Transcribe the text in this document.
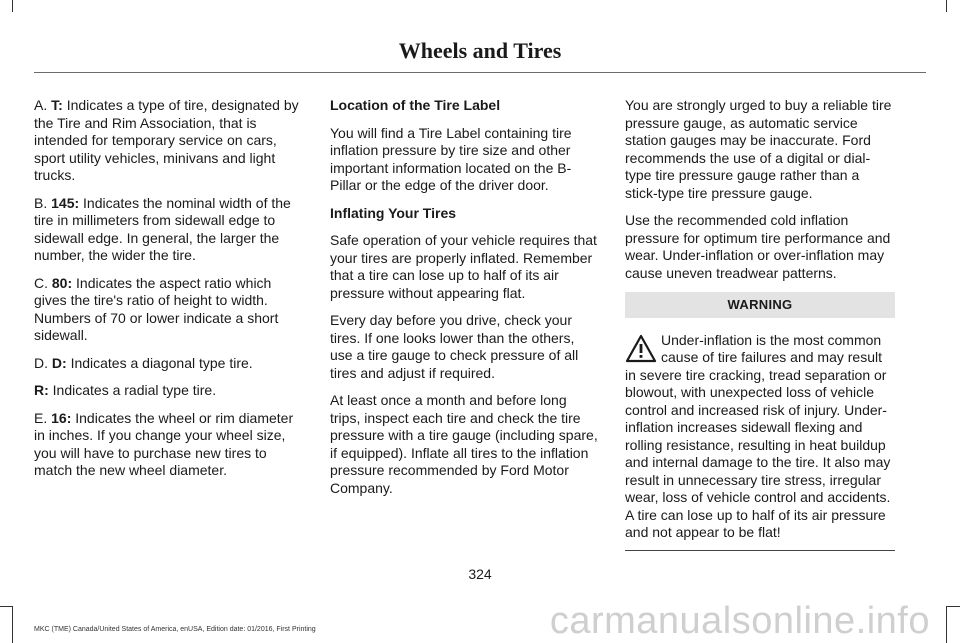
Wheels and Tires

A. T: Indicates a type of tire, designated by the Tire and Rim Association, that is intended for temporary service on cars, sport utility vehicles, minivans and light trucks.

B. 145: Indicates the nominal width of the tire in millimeters from sidewall edge to sidewall edge. In general, the larger the number, the wider the tire.

C. 80: Indicates the aspect ratio which gives the tire's ratio of height to width. Numbers of 70 or lower indicate a short sidewall.

D. D: Indicates a diagonal type tire.

R: Indicates a radial type tire.

E. 16: Indicates the wheel or rim diameter in inches. If you change your wheel size, you will have to purchase new tires to match the new wheel diameter.

Location of the Tire Label

You will find a Tire Label containing tire inflation pressure by tire size and other important information located on the B-Pillar or the edge of the driver door.

Inflating Your Tires

Safe operation of your vehicle requires that your tires are properly inflated. Remember that a tire can lose up to half of its air pressure without appearing flat.

Every day before you drive, check your tires. If one looks lower than the others, use a tire gauge to check pressure of all tires and adjust if required.

At least once a month and before long trips, inspect each tire and check the tire pressure with a tire gauge (including spare, if equipped). Inflate all tires to the inflation pressure recommended by Ford Motor Company.

You are strongly urged to buy a reliable tire pressure gauge, as automatic service station gauges may be inaccurate. Ford recommends the use of a digital or dial-type tire pressure gauge rather than a stick-type tire pressure gauge.

Use the recommended cold inflation pressure for optimum tire performance and wear. Under-inflation or over-inflation may cause uneven treadwear patterns.

WARNING
Under-inflation is the most common cause of tire failures and may result in severe tire cracking, tread separation or blowout, with unexpected loss of vehicle control and increased risk of injury. Under-inflation increases sidewall flexing and rolling resistance, resulting in heat buildup and internal damage to the tire. It also may result in unnecessary tire stress, irregular wear, loss of vehicle control and accidents. A tire can lose up to half of its air pressure and not appear to be flat!
324
MKC (TME) Canada/United States of America, enUSA, Edition date: 01/2016, First Printing	carmanualsonline.info
